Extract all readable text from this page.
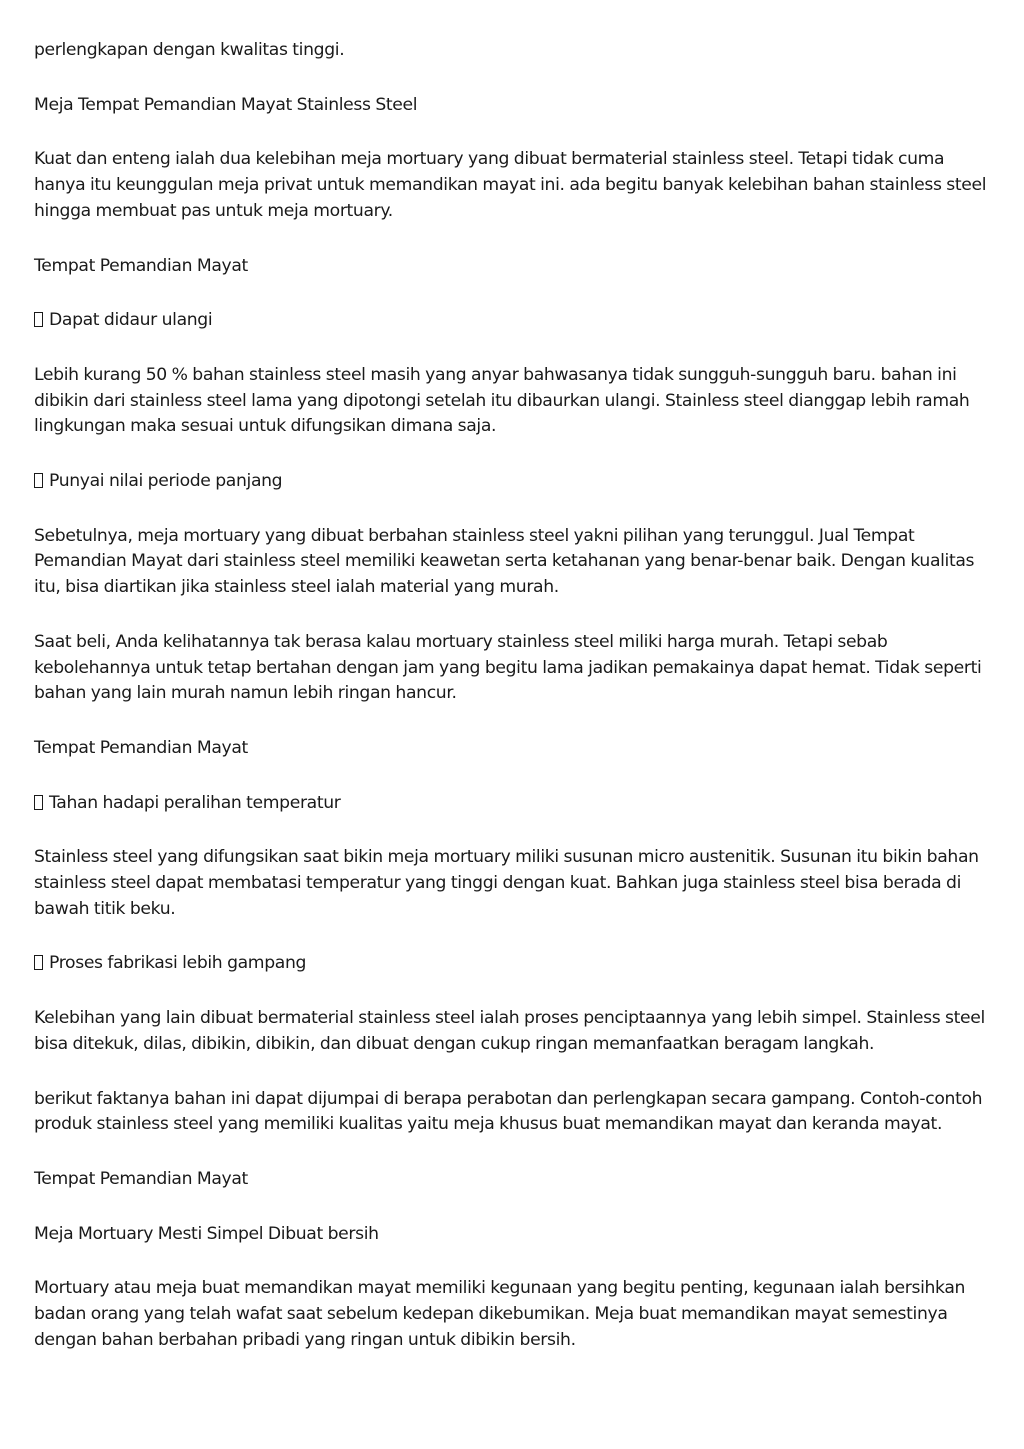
perlengkapan dengan kwalitas tinggi.

Meja Tempat Pemandian Mayat Stainless Steel

Kuat dan enteng ialah dua kelebihan meja mortuary yang dibuat bermaterial stainless steel. Tetapi tidak cuma hanya itu keunggulan meja privat untuk memandikan mayat ini. ada begitu banyak kelebihan bahan stainless steel hingga membuat pas untuk meja mortuary.

Tempat Pemandian Mayat

Dapat didaur ulangi

Lebih kurang 50 % bahan stainless steel masih yang anyar bahwasanya tidak sungguh-sungguh baru. bahan ini dibikin dari stainless steel lama yang dipotongi setelah itu dibaurkan ulangi. Stainless steel dianggap lebih ramah lingkungan maka sesuai untuk difungsikan dimana saja.

Punyai nilai periode panjang

Sebetulnya, meja mortuary yang dibuat berbahan stainless steel yakni pilihan yang terunggul. Jual Tempat Pemandian Mayat dari stainless steel memiliki keawetan serta ketahanan yang benar-benar baik. Dengan kualitas itu, bisa diartikan jika stainless steel ialah material yang murah.

Saat beli, Anda kelihatannya tak berasa kalau mortuary stainless steel miliki harga murah. Tetapi sebab kebolehannya untuk tetap bertahan dengan jam yang begitu lama jadikan pemakainya dapat hemat. Tidak seperti bahan yang lain murah namun lebih ringan hancur.

Tempat Pemandian Mayat

Tahan hadapi peralihan temperatur

Stainless steel yang difungsikan saat bikin meja mortuary miliki susunan micro austenitik. Susunan itu bikin bahan stainless steel dapat membatasi temperatur yang tinggi dengan kuat. Bahkan juga stainless steel bisa berada di bawah titik beku.

Proses fabrikasi lebih gampang

Kelebihan yang lain dibuat bermaterial stainless steel ialah proses penciptaannya yang lebih simpel. Stainless steel bisa ditekuk, dilas, dibikin, dibikin, dan dibuat dengan cukup ringan memanfaatkan beragam langkah.

berikut faktanya bahan ini dapat dijumpai di berapa perabotan dan perlengkapan secara gampang. Contoh-contoh produk stainless steel yang memiliki kualitas yaitu meja khusus buat memandikan mayat dan keranda mayat.

Tempat Pemandian Mayat

Meja Mortuary Mesti Simpel Dibuat bersih

Mortuary atau meja buat memandikan mayat memiliki kegunaan yang begitu penting, kegunaan ialah bersihkan badan orang yang telah wafat saat sebelum kedepan dikebumikan. Meja buat memandikan mayat semestinya dengan bahan berbahan pribadi yang ringan untuk dibikin bersih.
